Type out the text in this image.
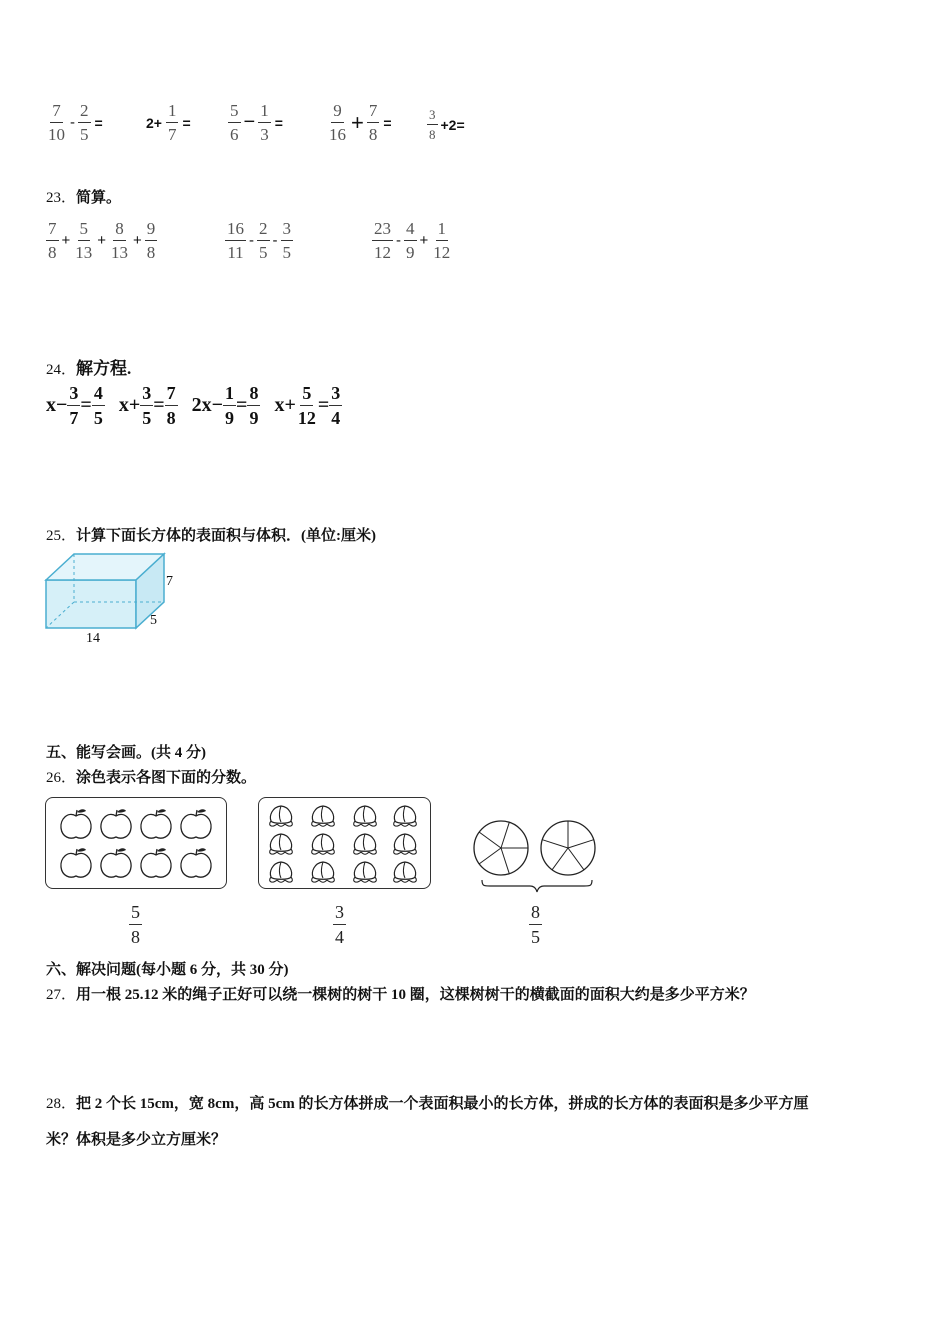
$\frac{7}{10} - \frac{2}{5}$ =	$2+ \frac{1}{7} = \frac{5}{6} - \frac{1}{3}$ =	$\frac{9}{16} + \frac{7}{8}$ =	$\frac{3}{8} +2=$
23．简算。
$\frac{7}{8} + \frac{5}{13} + \frac{8}{13} + \frac{9}{8}$	$\frac{16}{11} - \frac{2}{5} - \frac{3}{5}$	$\frac{23}{12} - \frac{4}{9} + \frac{1}{12}$
24．解方程.
$x- \frac{3}{7} = \frac{4}{5} x+ \frac{3}{5} = \frac{7}{8} 2x- \frac{1}{9} = \frac{8}{9} x+ \frac{5}{12} = \frac{3}{4}$
25．计算下面长方体的表面积与体积．(单位:厘米)
7
5
14
五、能写会画。(共 4 分)
26．涂色表示各图下面的分数。
$\frac{5}{8}$	$\frac{3}{4}$	$\frac{8}{5}$
六、解决问题(每小题 6 分，共 30 分)
27．用一根 25.12 米的绳子正好可以绕一棵树的树干 10 圈，这棵树树干的横截面的面积大约是多少平方米？
28．把 2 个长 15cm，宽 8cm，高 5cm 的长方体拼成一个表面积最小的长方体，拼成的长方体的表面积是多少平方厘
米？体积是多少立方厘米？
